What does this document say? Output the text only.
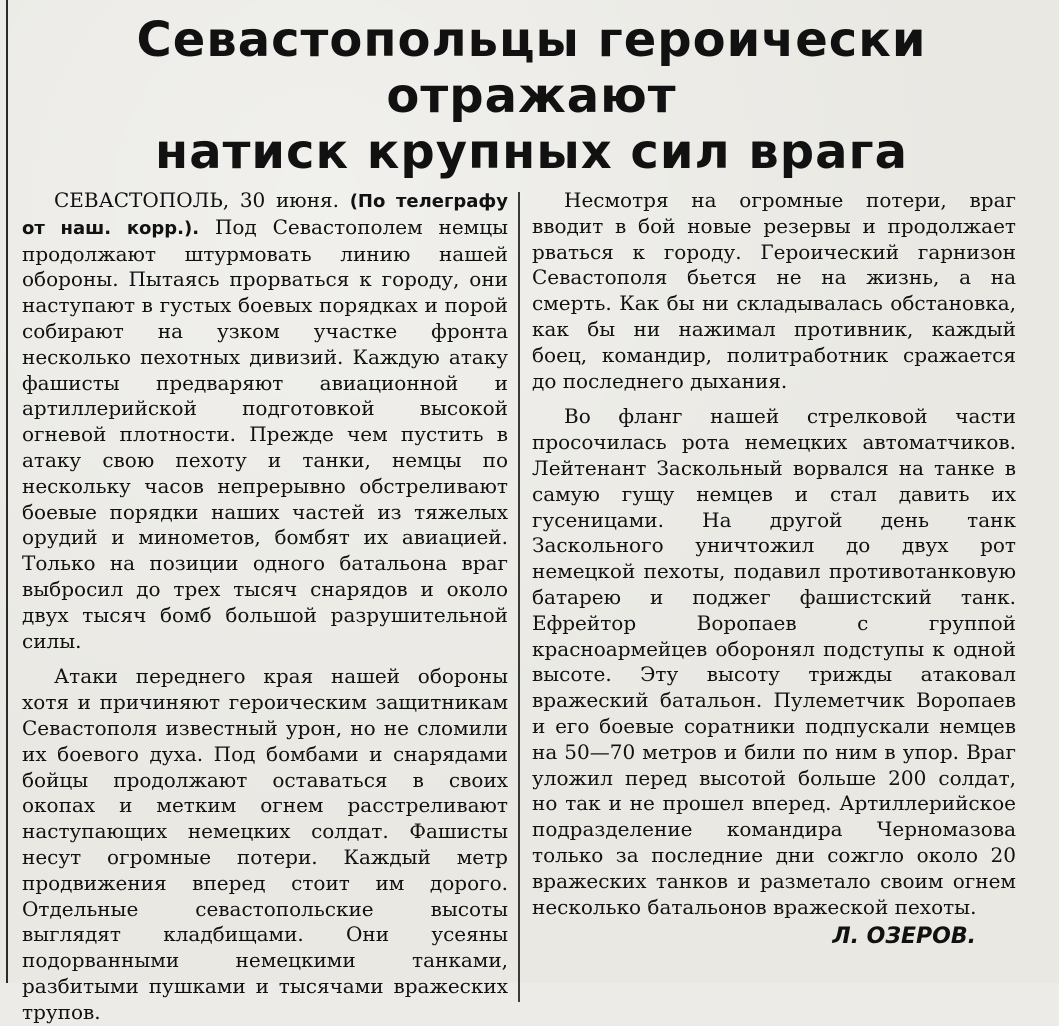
Севастопольцы героически отражают
натиск крупных сил врага

СЕВАСТОПОЛЬ, 30 июня. (По телеграфу от наш. корр.). Под Севастополем немцы продолжают штурмовать линию нашей обороны. Пытаясь прорваться к городу, они наступают в густых боевых порядках и порой собирают на узком участке фронта несколько пехотных дивизий. Каждую атаку фашисты предваряют авиационной и артиллерийской подготовкой высокой огневой плотности. Прежде чем пустить в атаку свою пехоту и танки, немцы по нескольку часов непрерывно обстреливают боевые порядки наших частей из тяжелых орудий и минометов, бомбят их авиацией. Только на позиции одного батальона враг выбросил до трех тысяч снарядов и около двух тысяч бомб большой разрушительной силы.

Атаки переднего края нашей обороны хотя и причиняют героическим защитникам Севастополя известный урон, но не сломили их боевого духа. Под бомбами и снарядами бойцы продолжают оставаться в своих окопах и метким огнем расстреливают наступающих немецких солдат. Фашисты несут огромные потери. Каждый метр продвижения вперед стоит им дорого. Отдельные севастопольские высоты выглядят кладбищами. Они усеяны подорванными немецкими танками, разбитыми пушками и тысячами вражеских трупов.

Несмотря на огромные потери, враг вводит в бой новые резервы и продолжает рваться к городу. Героический гарнизон Севастополя бьется не на жизнь, а на смерть. Как бы ни складывалась обстановка, как бы ни нажимал противник, каждый боец, командир, политработник сражается до последнего дыхания.

Во фланг нашей стрелковой части просочилась рота немецких автоматчиков. Лейтенант Заскольный ворвался на танке в самую гущу немцев и стал давить их гусеницами. На другой день танк Заскольного уничтожил до двух рот немецкой пехоты, подавил противотанковую батарею и поджег фашистский танк. Ефрейтор Воропаев с группой красноармейцев оборонял подступы к одной высоте. Эту высоту трижды атаковал вражеский батальон. Пулеметчик Воропаев и его боевые соратники подпускали немцев на 50—70 метров и били по ним в упор. Враг уложил перед высотой больше 200 солдат, но так и не прошел вперед. Артиллерийское подразделение командира Черномазова только за последние дни сожгло около 20 вражеских танков и разметало своим огнем несколько батальонов вражеской пехоты.

Л. ОЗЕРОВ.
